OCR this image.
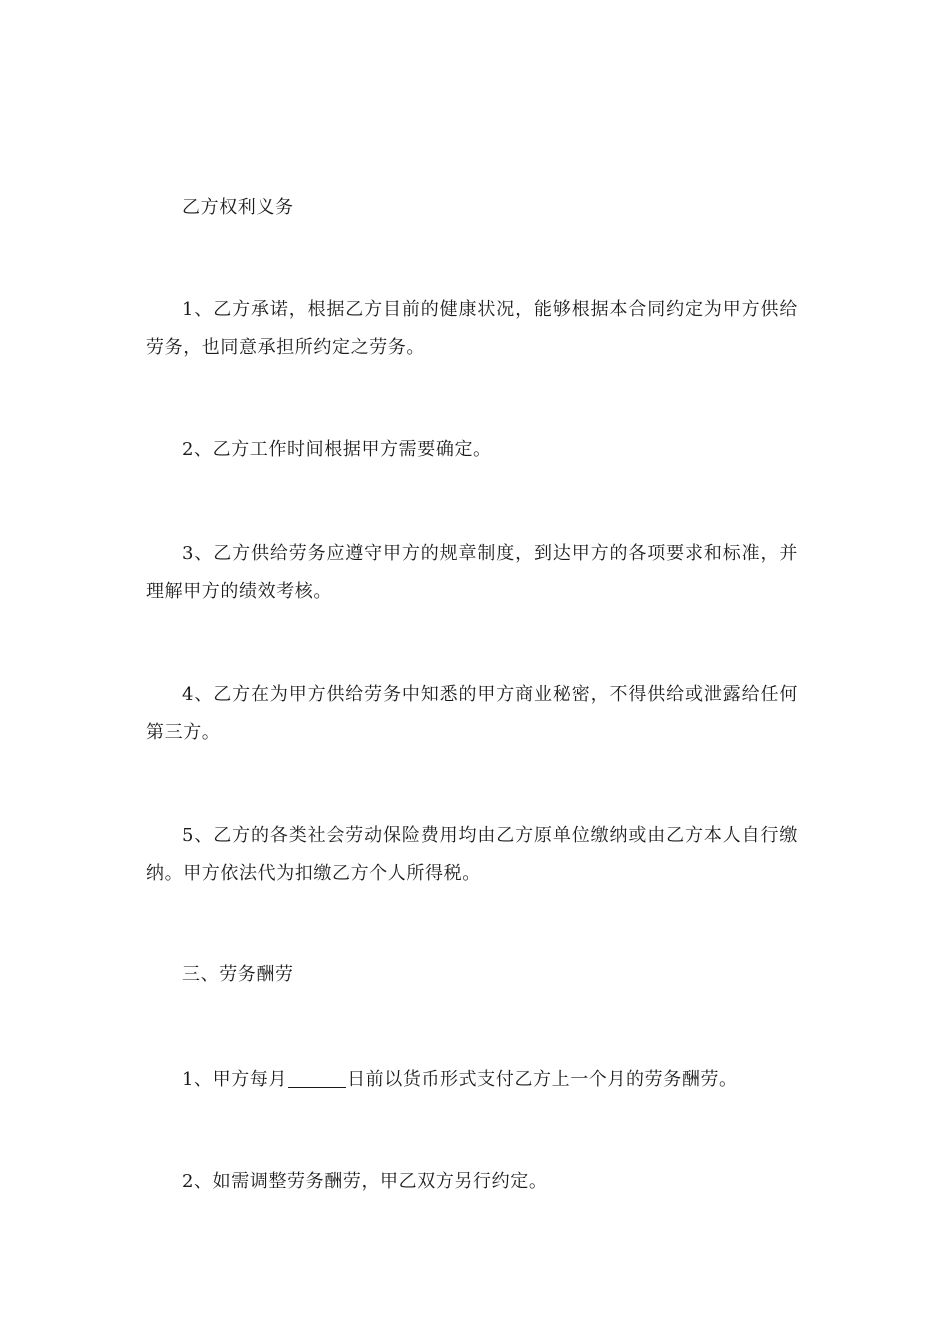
乙方权利义务

1、乙方承诺，根据乙方目前的健康状况，能够根据本合同约定为甲方供给劳务，也同意承担所约定之劳务。

2、乙方工作时间根据甲方需要确定。

3、乙方供给劳务应遵守甲方的规章制度，到达甲方的各项要求和标准，并理解甲方的绩效考核。

4、乙方在为甲方供给劳务中知悉的甲方商业秘密，不得供给或泄露给任何第三方。

5、乙方的各类社会劳动保险费用均由乙方原单位缴纳或由乙方本人自行缴纳。甲方依法代为扣缴乙方个人所得税。

三、劳务酬劳

1、甲方每月	日前以货币形式支付乙方上一个月的劳务酬劳。

2、如需调整劳务酬劳，甲乙双方另行约定。
